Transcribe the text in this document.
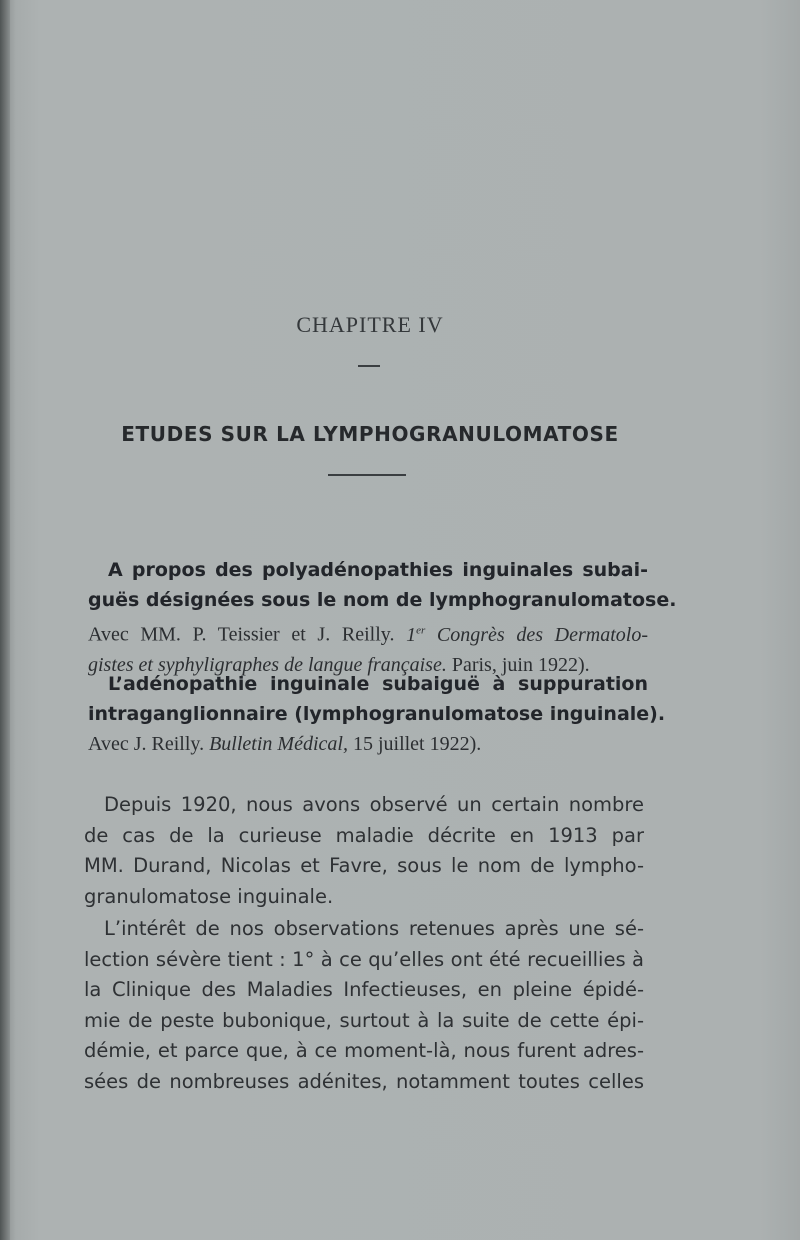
CHAPITRE IV
ETUDES SUR LA LYMPHOGRANULOMATOSE
A propos des polyadénopathies inguinales subai-
guës désignées sous le nom de lymphogranulomatose.
Avec MM. P. Teissier et J. Reilly. 1er Congrès des Dermatolo-
gistes et syphyligraphes de langue française. Paris, juin 1922).
L’adénopathie inguinale subaiguë à suppuration
intraganglionnaire (lymphogranulomatose inguinale).
Avec J. Reilly. Bulletin Médical, 15 juillet 1922).
Depuis 1920, nous avons observé un certain nombre
de cas de la curieuse maladie décrite en 1913 par
MM. Durand, Nicolas et Favre, sous le nom de lympho-
granulomatose inguinale.
L’intérêt de nos observations retenues après une sé-
lection sévère tient : 1° à ce qu’elles ont été recueillies à
la Clinique des Maladies Infectieuses, en pleine épidé-
mie de peste bubonique, surtout à la suite de cette épi-
démie, et parce que, à ce moment-là, nous furent adres-
sées de nombreuses adénites, notamment toutes celles
